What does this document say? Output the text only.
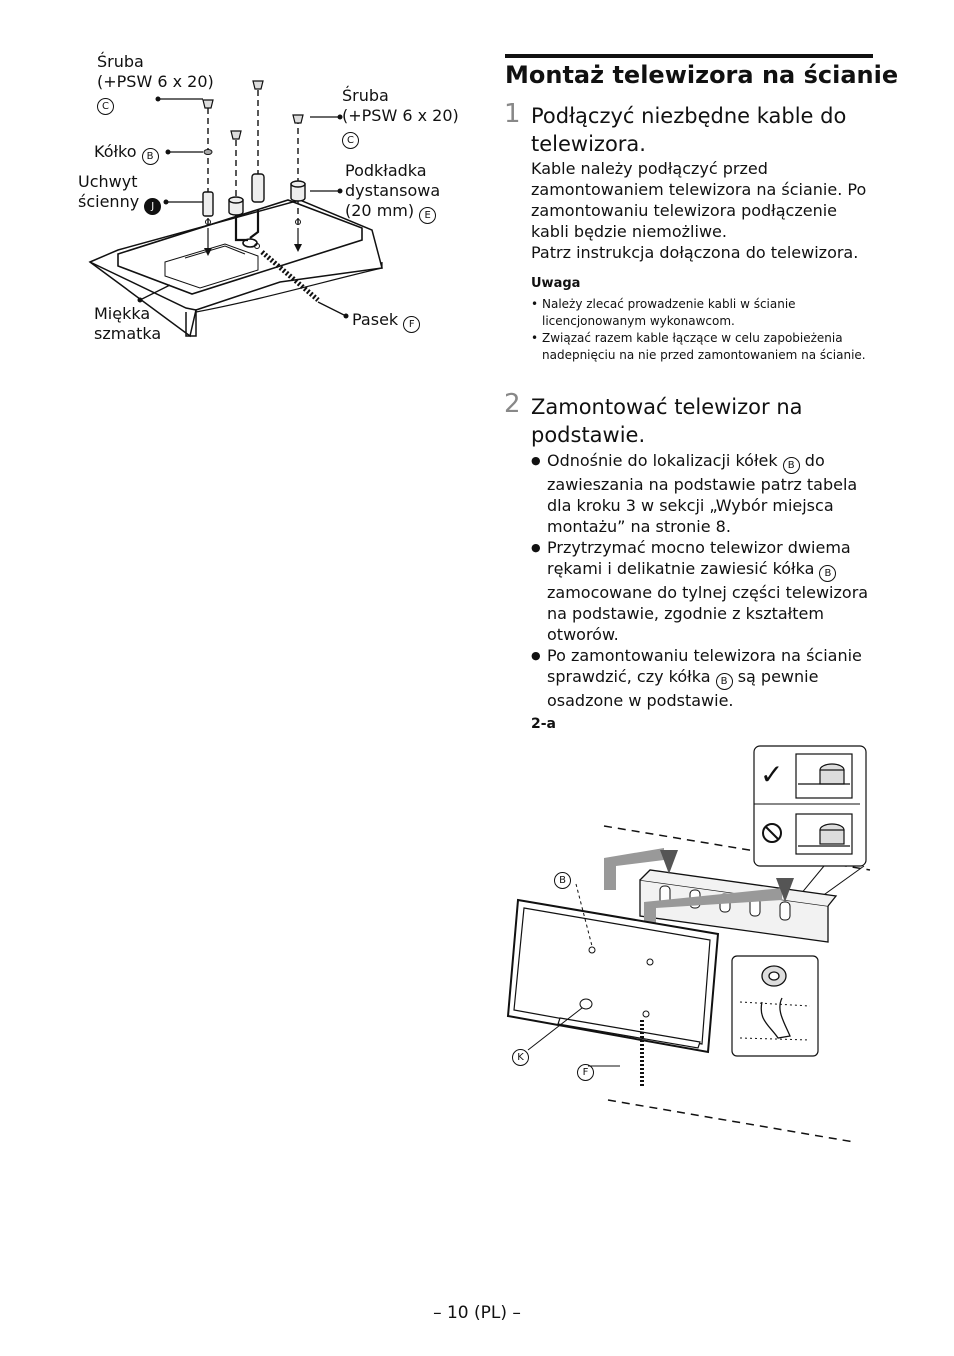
Śruba
(+PSW 6 x 20)
C
Śruba
(+PSW 6 x 20)
C
Kółko B
Uchwyt
ścienny J
Podkładka
dystansowa
(20 mm) E
Miękka
szmatka
Pasek F
Montaż telewizora na ścianie
1 Podłączyć niezbędne kable do telewizora.
Kable należy podłączyć przed zamontowaniem telewizora na ścianie. Po zamontowaniu telewizora podłączenie kabli będzie niemożliwe.
Patrz instrukcja dołączona do telewizora.
Uwaga
• Należy zlecać prowadzenie kabli w ścianie licencjonowanym wykonawcom.
• Związać razem kable łączące w celu zapobieżenia nadepnięciu na nie przed zamontowaniem na ścianie.
2 Zamontować telewizor na podstawie.
● Odnośnie do lokalizacji kółek B do zawieszania na podstawie patrz tabela dla kroku 3 w sekcji „Wybór miejsca montażu” na stronie 8.
● Przytrzymać mocno telewizor dwiema rękami i delikatnie zawiesić kółka B zamocowane do tylnej części telewizora na podstawie, zgodnie z kształtem otworów.
● Po zamontowaniu telewizora na ścianie sprawdzić, czy kółka B są pewnie osadzone w podstawie.
2-a
✓
B
K
F
– 10 (PL) –
